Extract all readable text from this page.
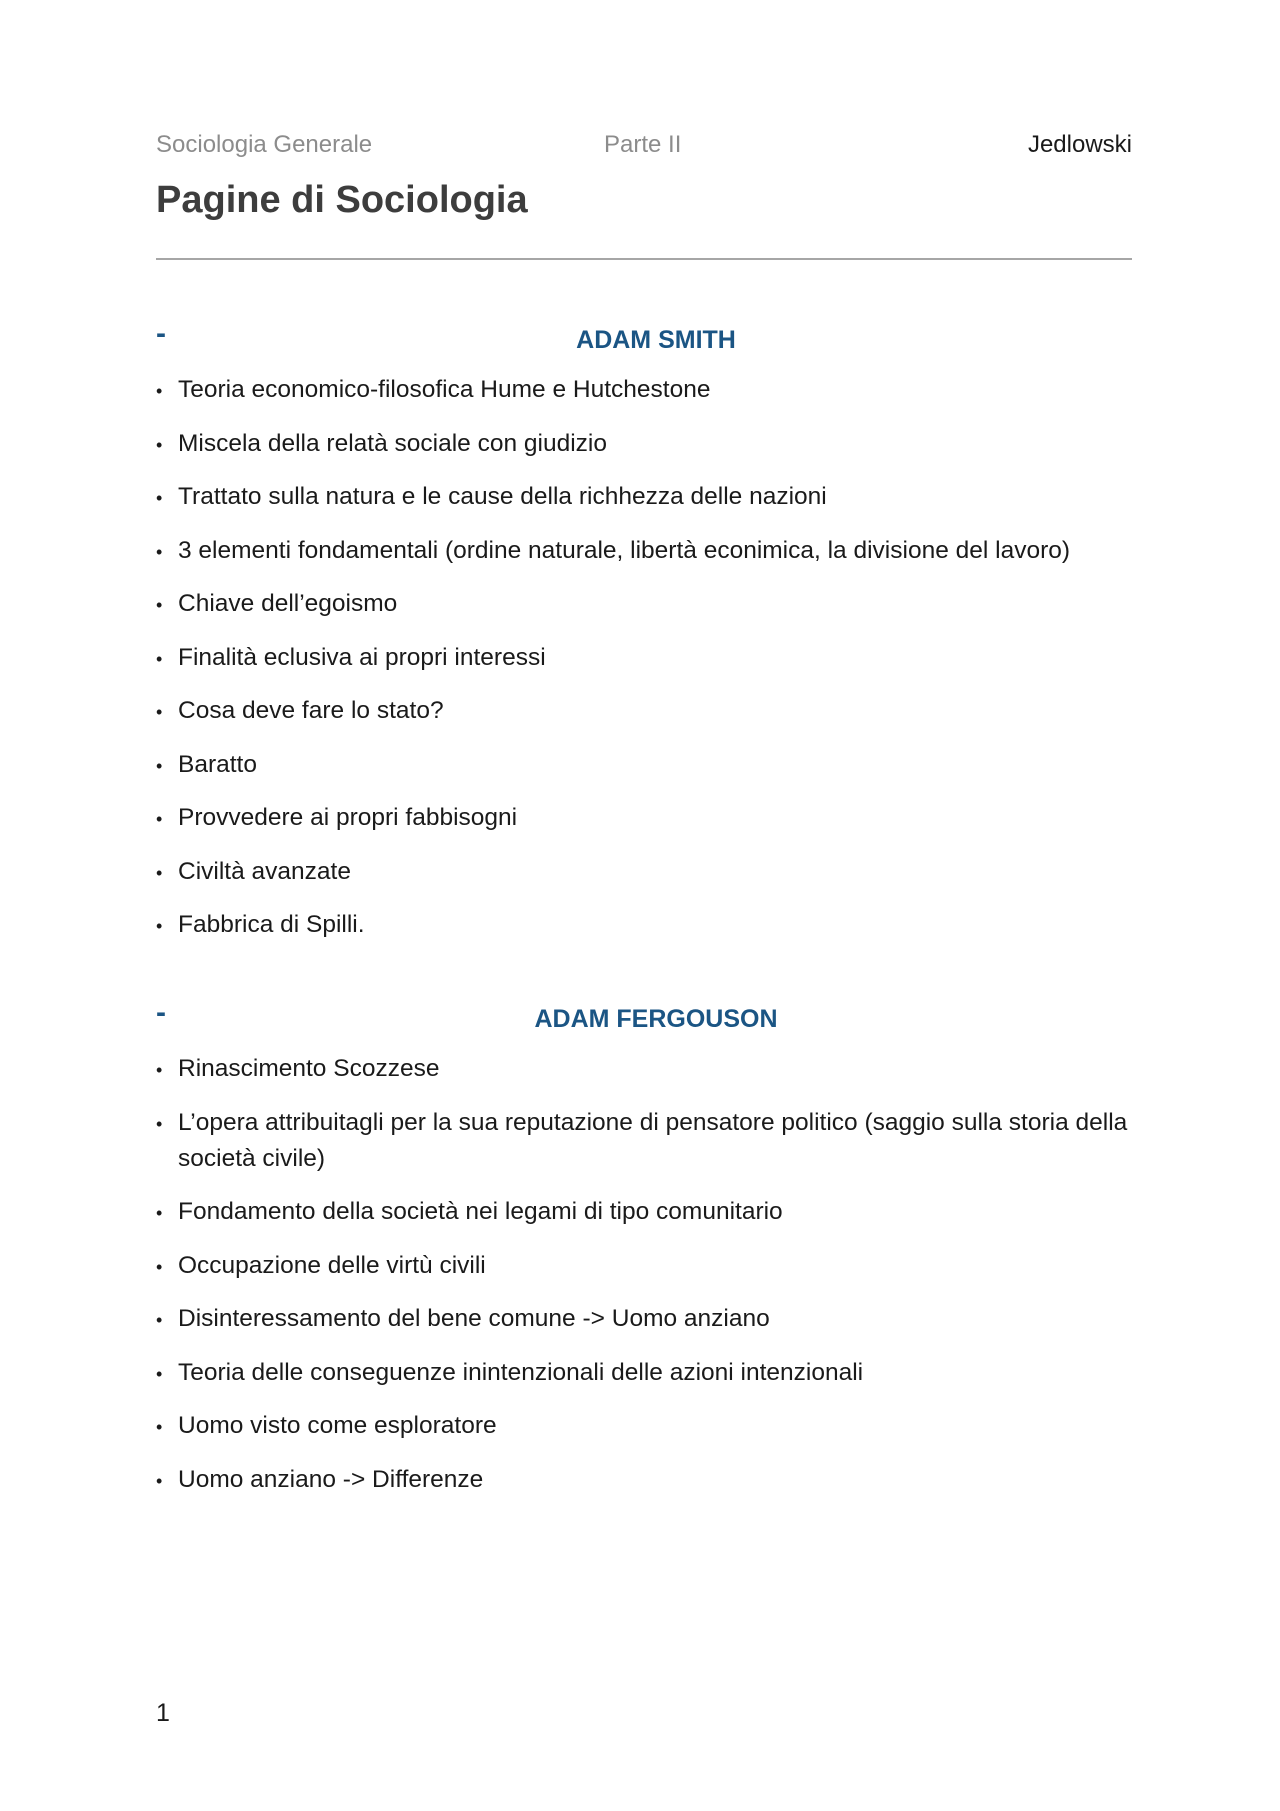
Sociologia Generale	Parte II	Jedlowski
Pagine di Sociologia
-	ADAM SMITH
• Teoria economico-filosofica Hume e Hutchestone
• Miscela della relatà sociale con giudizio
• Trattato sulla natura e le cause della richhezza delle nazioni
• 3 elementi fondamentali (ordine naturale, libertà econimica, la divisione del lavoro)
• Chiave dell’egoismo
• Finalità eclusiva ai propri interessi
• Cosa deve fare lo stato?
• Baratto
• Provvedere ai propri fabbisogni
• Civiltà avanzate
• Fabbrica di Spilli.
-	ADAM FERGOUSON
• Rinascimento Scozzese
• L’opera attribuitagli per la sua reputazione di pensatore politico (saggio sulla storia della società civile)
• Fondamento della società nei legami di tipo comunitario
• Occupazione delle virtù civili
• Disinteressamento del bene comune -> Uomo anziano
• Teoria delle conseguenze inintenzionali delle azioni intenzionali
• Uomo visto come esploratore
• Uomo anziano -> Differenze
1
